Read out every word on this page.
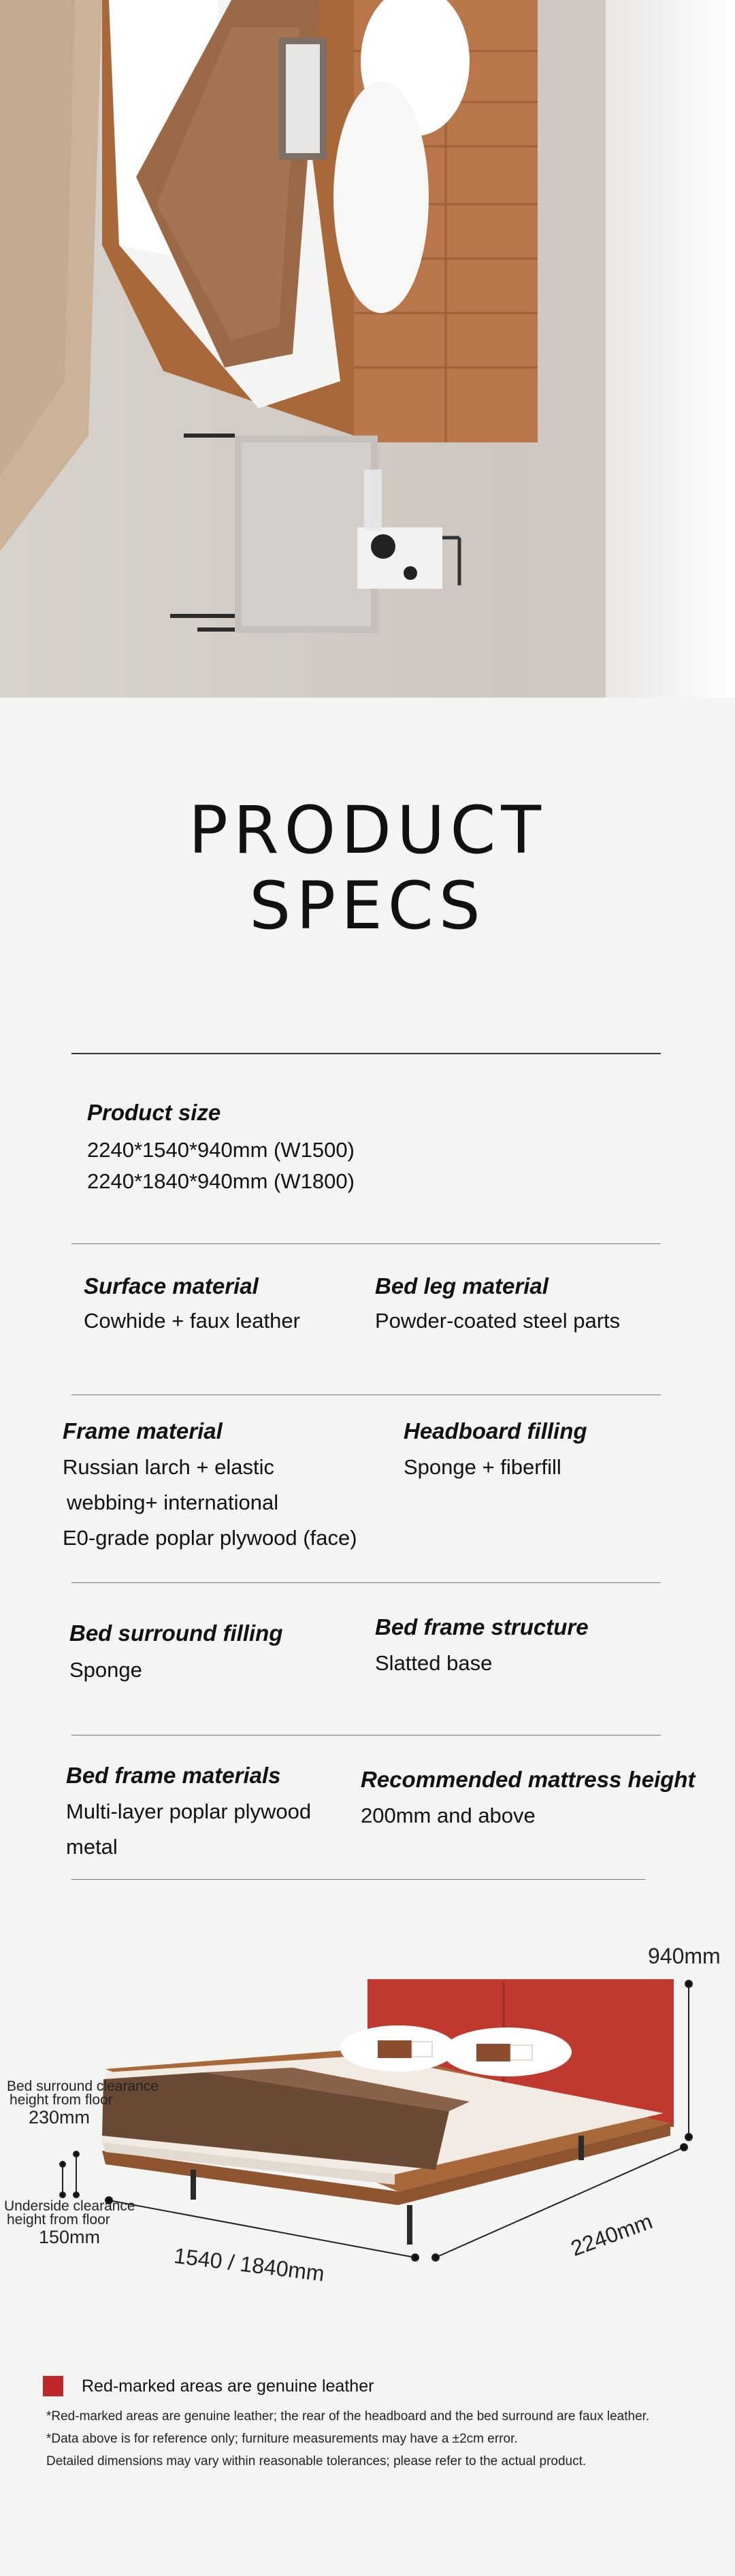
PRODUCT
SPECS
Product size
2240*1540*940mm (W1500)
2240*1840*940mm (W1800)
Surface material
Cowhide + faux leather
Bed leg material
Powder-coated steel parts
Frame material
Russian larch + elastic
webbing+ international
E0-grade poplar plywood (face)
Headboard filling
Sponge + fiberfill
Bed surround filling
Sponge
Bed frame structure
Slatted base
Bed frame materials
Multi-layer poplar plywood
metal
Recommended mattress height
200mm and above
940mm
Bed surround clearance
height from floor
230mm
Underside clearance
height from floor
150mm
1540 / 1840mm
2240mm
Red-marked areas are genuine leather
*Red-marked areas are genuine leather; the rear of the headboard and the bed surround are faux leather.
*Data above is for reference only; furniture measurements may have a ±2cm error.
Detailed dimensions may vary within reasonable tolerances; please refer to the actual product.
